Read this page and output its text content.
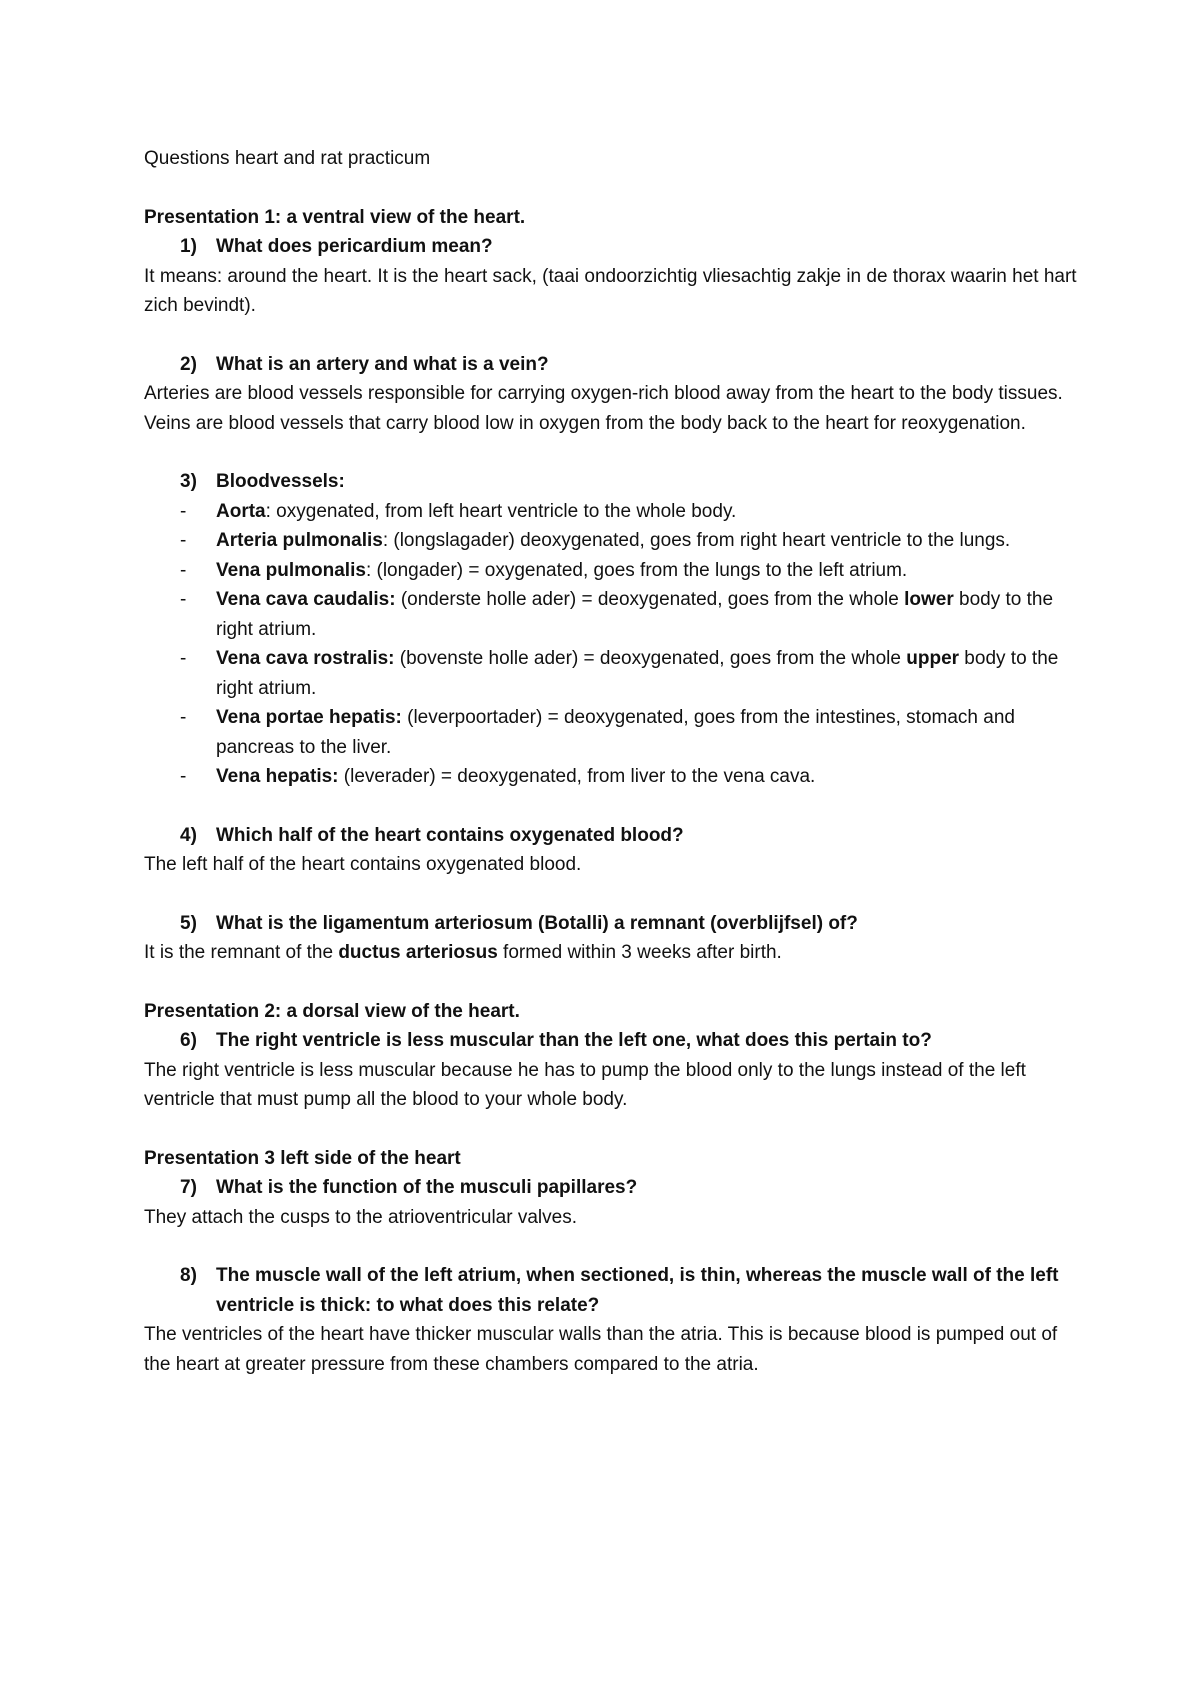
Questions heart and rat practicum

Presentation 1: a ventral view of the heart.

1) What does pericardium mean?

It means: around the heart. It is the heart sack, (taai ondoorzichtig vliesachtig zakje in de thorax waarin het hart zich bevindt).

2) What is an artery and what is a vein?

Arteries are blood vessels responsible for carrying oxygen-rich blood away from the heart to the body tissues. Veins are blood vessels that carry blood low in oxygen from the body back to the heart for reoxygenation.

3) Bloodvessels:

- Aorta: oxygenated, from left heart ventricle to the whole body.
- Arteria pulmonalis: (longslagader) deoxygenated, goes from right heart ventricle to the lungs.
- Vena pulmonalis: (longader) = oxygenated, goes from the lungs to the left atrium.
- Vena cava caudalis: (onderste holle ader) = deoxygenated, goes from the whole lower body to the right atrium.
- Vena cava rostralis: (bovenste holle ader) = deoxygenated, goes from the whole upper body to the right atrium.
- Vena portae hepatis: (leverpoortader) = deoxygenated, goes from the intestines, stomach and pancreas to the liver.
- Vena hepatis: (leverader) = deoxygenated, from liver to the vena cava.

4) Which half of the heart contains oxygenated blood?

The left half of the heart contains oxygenated blood.

5) What is the ligamentum arteriosum (Botalli) a remnant (overblijfsel) of?

It is the remnant of the ductus arteriosus formed within 3 weeks after birth.

Presentation 2: a dorsal view of the heart.

6) The right ventricle is less muscular than the left one, what does this pertain to?

The right ventricle is less muscular because he has to pump the blood only to the lungs instead of the left ventricle that must pump all the blood to your whole body.

Presentation 3 left side of the heart

7) What is the function of the musculi papillares?

They attach the cusps to the atrioventricular valves.

8) The muscle wall of the left atrium, when sectioned, is thin, whereas the muscle wall of the left ventricle is thick: to what does this relate?

The ventricles of the heart have thicker muscular walls than the atria. This is because blood is pumped out of the heart at greater pressure from these chambers compared to the atria.
